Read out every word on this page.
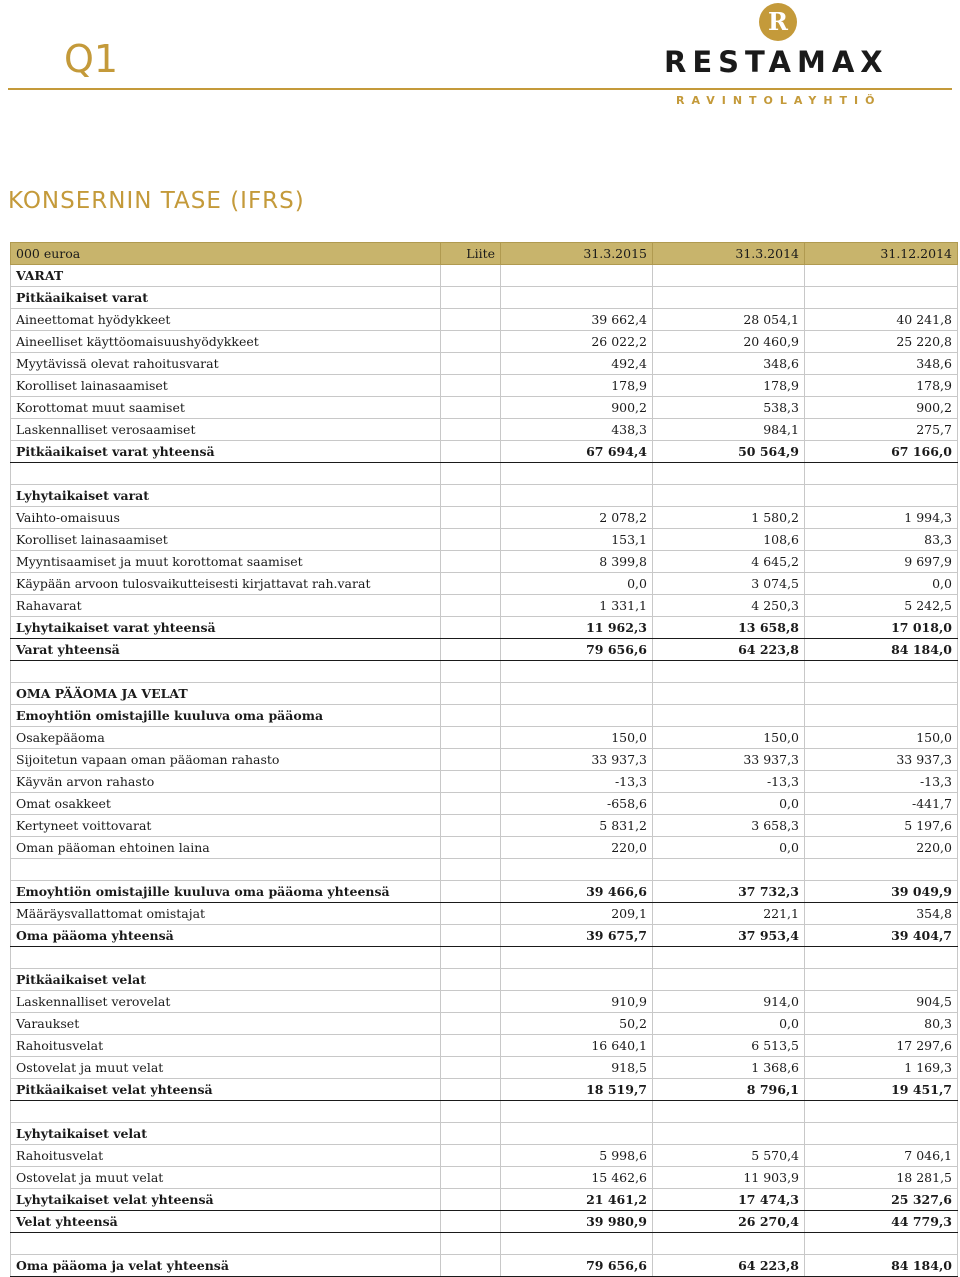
Q1
R
RESTAMAX
RAVINTOLAYHTIÖ
KONSERNIN TASE (IFRS)
000 euroa	Liite	31.3.2015	31.3.2014	31.12.2014
VARAT				
Pitkäaikaiset varat				
Aineettomat hyödykkeet		39 662,4	28 054,1	40 241,8
Aineelliset käyttöomaisuushyödykkeet		26 022,2	20 460,9	25 220,8
Myytävissä olevat rahoitusvarat		492,4	348,6	348,6
Korolliset lainasaamiset		178,9	178,9	178,9
Korottomat muut saamiset		900,2	538,3	900,2
Laskennalliset verosaamiset		438,3	984,1	275,7
Pitkäaikaiset varat yhteensä		67 694,4	50 564,9	67 166,0

Lyhytaikaiset varat				
Vaihto-omaisuus		2 078,2	1 580,2	1 994,3
Korolliset lainasaamiset		153,1	108,6	83,3
Myyntisaamiset ja muut korottomat saamiset		8 399,8	4 645,2	9 697,9
Käypään arvoon tulosvaikutteisesti kirjattavat rah.varat		0,0	3 074,5	0,0
Rahavarat		1 331,1	4 250,3	5 242,5
Lyhytaikaiset varat yhteensä		11 962,3	13 658,8	17 018,0
Varat yhteensä		79 656,6	64 223,8	84 184,0

OMA PÄÄOMA JA VELAT				
Emoyhtiön omistajille kuuluva oma pääoma				
Osakepääoma		150,0	150,0	150,0
Sijoitetun vapaan oman pääoman rahasto		33 937,3	33 937,3	33 937,3
Käyvän arvon rahasto		-13,3	-13,3	-13,3
Omat osakkeet		-658,6	0,0	-441,7
Kertyneet voittovarat		5 831,2	3 658,3	5 197,6
Oman pääoman ehtoinen laina		220,0	0,0	220,0

Emoyhtiön omistajille kuuluva oma pääoma yhteensä		39 466,6	37 732,3	39 049,9
Määräysvallattomat omistajat		209,1	221,1	354,8
Oma pääoma yhteensä		39 675,7	37 953,4	39 404,7

Pitkäaikaiset velat				
Laskennalliset verovelat		910,9	914,0	904,5
Varaukset		50,2	0,0	80,3
Rahoitusvelat		16 640,1	6 513,5	17 297,6
Ostovelat ja muut velat		918,5	1 368,6	1 169,3
Pitkäaikaiset velat yhteensä		18 519,7	8 796,1	19 451,7

Lyhytaikaiset velat				
Rahoitusvelat		5 998,6	5 570,4	7 046,1
Ostovelat ja muut velat		15 462,6	11 903,9	18 281,5
Lyhytaikaiset velat yhteensä		21 461,2	17 474,3	25 327,6
Velat yhteensä		39 980,9	26 270,4	44 779,3

Oma pääoma ja velat yhteensä		79 656,6	64 223,8	84 184,0
